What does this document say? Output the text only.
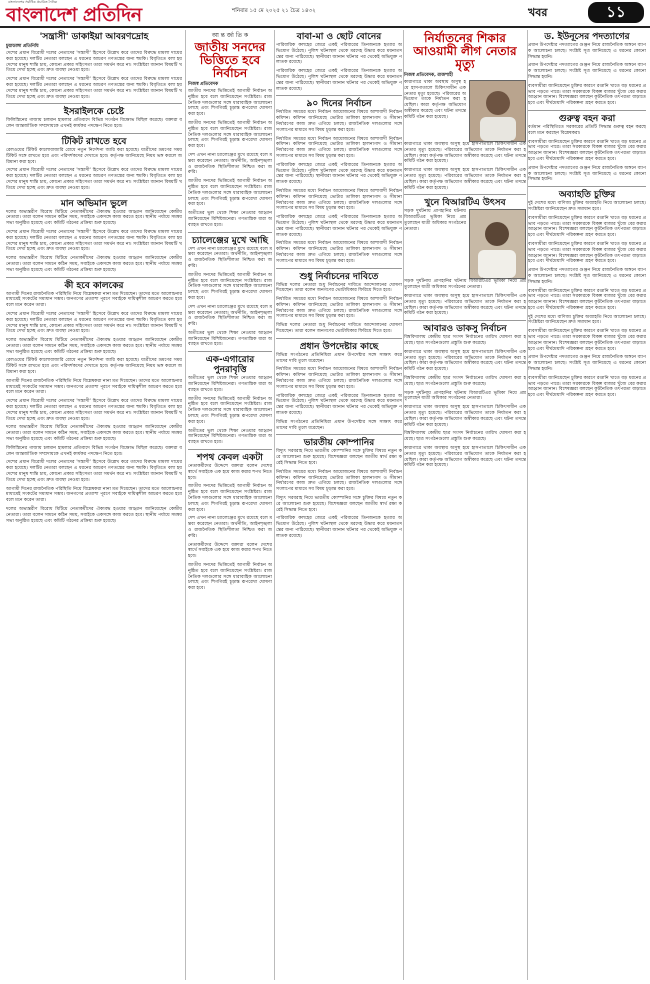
বাংলাদেশের সর্বাধিক প্রচারিত দৈনিক
বাংলাদেশ প্রতিদিন	শনিবার ১৫ মে ২০২৫ ২১ চৈত্র ১৪৩২	খবর	১১
'সন্ত্রাসী' ডাকাইয়া আবরণদ্রোহ
চুয়াডাঙ্গা প্রতিনিধি

দেশের প্রধান বিরোধী দলের নেতাদের 'সন্ত্রাসী' হিসেবে উল্লেখ করে তাদের বিরুদ্ধে মামলা দায়ের করা হয়েছে। দলটির নেতারা বলছেন এ ধরনের আচরণ গণতন্ত্রের জন্য হুমকি। বিবৃতিতে বলা হয় দেশের মানুষ শান্তি চায়, কোনো প্রকার সহিংসতা তারা সমর্থন করে না। সংশ্লিষ্টরা জানান বিষয়টি খতিয়ে দেখা হচ্ছে এবং দ্রুত ব্যবস্থা নেওয়া হবে।

দেশের প্রধান বিরোধী দলের নেতাদের 'সন্ত্রাসী' হিসেবে উল্লেখ করে তাদের বিরুদ্ধে মামলা দায়ের করা হয়েছে। দলটির নেতারা বলছেন এ ধরনের আচরণ গণতন্ত্রের জন্য হুমকি। বিবৃতিতে বলা হয় দেশের মানুষ শান্তি চায়, কোনো প্রকার সহিংসতা তারা সমর্থন করে না। সংশ্লিষ্টরা জানান বিষয়টি খতিয়ে দেখা হচ্ছে এবং দ্রুত ব্যবস্থা নেওয়া হবে।

ইসরাইলকে চেষ্টে

ফিলিস্তিনের গাজায় চলমান হামলার প্রতিবাদে বিভিন্ন সংগঠন বিক্ষোভ মিছিল করেছে। বক্তারা বলেন আন্তর্জাতিক সম্প্রদায়কে এখনই কার্যকর পদক্ষেপ নিতে হবে।

টিকিট রাখতে হবে

রেলওয়ের টিকিট কালোবাজারি রোধে নতুন নির্দেশনা জারি করা হয়েছে। যাত্রীদের ভ্রমণের সময় টিকিট সঙ্গে রাখতে হবে এবং পরিদর্শকদের দেখাতে হবে। কর্তৃপক্ষ জানিয়েছে নিয়ম ভঙ্গ করলে জরিমানা করা হবে।

দেশের প্রধান বিরোধী দলের নেতাদের 'সন্ত্রাসী' হিসেবে উল্লেখ করে তাদের বিরুদ্ধে মামলা দায়ের করা হয়েছে। দলটির নেতারা বলছেন এ ধরনের আচরণ গণতন্ত্রের জন্য হুমকি। বিবৃতিতে বলা হয় দেশের মানুষ শান্তি চায়, কোনো প্রকার সহিংসতা তারা সমর্থন করে না। সংশ্লিষ্টরা জানান বিষয়টি খতিয়ে দেখা হচ্ছে এবং দ্রুত ব্যবস্থা নেওয়া হবে।

মান অভিমান ভুলে

দলের অভ্যন্তরীণ বিরোধ মিটিয়ে নেতাকর্মীদের ঐক্যবদ্ধ হওয়ার আহ্বান জানিয়েছেন কেন্দ্রীয় নেতারা। তারা বলেন সামনে কঠিন সময়, সবাইকে একসঙ্গে কাজ করতে হবে। স্থানীয় পর্যায়ে সমন্বয় সভা অনুষ্ঠিত হয়েছে এবং কমিটি গঠনের প্রক্রিয়া শুরু হয়েছে।

দেশের প্রধান বিরোধী দলের নেতাদের 'সন্ত্রাসী' হিসেবে উল্লেখ করে তাদের বিরুদ্ধে মামলা দায়ের করা হয়েছে। দলটির নেতারা বলছেন এ ধরনের আচরণ গণতন্ত্রের জন্য হুমকি। বিবৃতিতে বলা হয় দেশের মানুষ শান্তি চায়, কোনো প্রকার সহিংসতা তারা সমর্থন করে না। সংশ্লিষ্টরা জানান বিষয়টি খতিয়ে দেখা হচ্ছে এবং দ্রুত ব্যবস্থা নেওয়া হবে।

দলের অভ্যন্তরীণ বিরোধ মিটিয়ে নেতাকর্মীদের ঐক্যবদ্ধ হওয়ার আহ্বান জানিয়েছেন কেন্দ্রীয় নেতারা। তারা বলেন সামনে কঠিন সময়, সবাইকে একসঙ্গে কাজ করতে হবে। স্থানীয় পর্যায়ে সমন্বয় সভা অনুষ্ঠিত হয়েছে এবং কমিটি গঠনের প্রক্রিয়া শুরু হয়েছে।

কী হবে কালকের

আগামী দিনের রাজনৈতিক পরিস্থিতি নিয়ে বিশ্লেষকরা নানা মত দিয়েছেন। তাদের মতে আলোচনার মাধ্যমেই সংকটের সমাধান সম্ভব। জনগণের প্রত্যাশা পূরণে সবাইকে দায়িত্বশীল আচরণ করতে হবে বলে মনে করেন তারা।

দেশের প্রধান বিরোধী দলের নেতাদের 'সন্ত্রাসী' হিসেবে উল্লেখ করে তাদের বিরুদ্ধে মামলা দায়ের করা হয়েছে। দলটির নেতারা বলছেন এ ধরনের আচরণ গণতন্ত্রের জন্য হুমকি। বিবৃতিতে বলা হয় দেশের মানুষ শান্তি চায়, কোনো প্রকার সহিংসতা তারা সমর্থন করে না। সংশ্লিষ্টরা জানান বিষয়টি খতিয়ে দেখা হচ্ছে এবং দ্রুত ব্যবস্থা নেওয়া হবে।

দলের অভ্যন্তরীণ বিরোধ মিটিয়ে নেতাকর্মীদের ঐক্যবদ্ধ হওয়ার আহ্বান জানিয়েছেন কেন্দ্রীয় নেতারা। তারা বলেন সামনে কঠিন সময়, সবাইকে একসঙ্গে কাজ করতে হবে। স্থানীয় পর্যায়ে সমন্বয় সভা অনুষ্ঠিত হয়েছে এবং কমিটি গঠনের প্রক্রিয়া শুরু হয়েছে।

রেলওয়ের টিকিট কালোবাজারি রোধে নতুন নির্দেশনা জারি করা হয়েছে। যাত্রীদের ভ্রমণের সময় টিকিট সঙ্গে রাখতে হবে এবং পরিদর্শকদের দেখাতে হবে। কর্তৃপক্ষ জানিয়েছে নিয়ম ভঙ্গ করলে জরিমানা করা হবে।

আগামী দিনের রাজনৈতিক পরিস্থিতি নিয়ে বিশ্লেষকরা নানা মত দিয়েছেন। তাদের মতে আলোচনার মাধ্যমেই সংকটের সমাধান সম্ভব। জনগণের প্রত্যাশা পূরণে সবাইকে দায়িত্বশীল আচরণ করতে হবে বলে মনে করেন তারা।

দেশের প্রধান বিরোধী দলের নেতাদের 'সন্ত্রাসী' হিসেবে উল্লেখ করে তাদের বিরুদ্ধে মামলা দায়ের করা হয়েছে। দলটির নেতারা বলছেন এ ধরনের আচরণ গণতন্ত্রের জন্য হুমকি। বিবৃতিতে বলা হয় দেশের মানুষ শান্তি চায়, কোনো প্রকার সহিংসতা তারা সমর্থন করে না। সংশ্লিষ্টরা জানান বিষয়টি খতিয়ে দেখা হচ্ছে এবং দ্রুত ব্যবস্থা নেওয়া হবে।

দলের অভ্যন্তরীণ বিরোধ মিটিয়ে নেতাকর্মীদের ঐক্যবদ্ধ হওয়ার আহ্বান জানিয়েছেন কেন্দ্রীয় নেতারা। তারা বলেন সামনে কঠিন সময়, সবাইকে একসঙ্গে কাজ করতে হবে। স্থানীয় পর্যায়ে সমন্বয় সভা অনুষ্ঠিত হয়েছে এবং কমিটি গঠনের প্রক্রিয়া শুরু হয়েছে।

ফিলিস্তিনের গাজায় চলমান হামলার প্রতিবাদে বিভিন্ন সংগঠন বিক্ষোভ মিছিল করেছে। বক্তারা বলেন আন্তর্জাতিক সম্প্রদায়কে এখনই কার্যকর পদক্ষেপ নিতে হবে।

দেশের প্রধান বিরোধী দলের নেতাদের 'সন্ত্রাসী' হিসেবে উল্লেখ করে তাদের বিরুদ্ধে মামলা দায়ের করা হয়েছে। দলটির নেতারা বলছেন এ ধরনের আচরণ গণতন্ত্রের জন্য হুমকি। বিবৃতিতে বলা হয় দেশের মানুষ শান্তি চায়, কোনো প্রকার সহিংসতা তারা সমর্থন করে না। সংশ্লিষ্টরা জানান বিষয়টি খতিয়ে দেখা হচ্ছে এবং দ্রুত ব্যবস্থা নেওয়া হবে।

আগামী দিনের রাজনৈতিক পরিস্থিতি নিয়ে বিশ্লেষকরা নানা মত দিয়েছেন। তাদের মতে আলোচনার মাধ্যমেই সংকটের সমাধান সম্ভব। জনগণের প্রত্যাশা পূরণে সবাইকে দায়িত্বশীল আচরণ করতে হবে বলে মনে করেন তারা।

দলের অভ্যন্তরীণ বিরোধ মিটিয়ে নেতাকর্মীদের ঐক্যবদ্ধ হওয়ার আহ্বান জানিয়েছেন কেন্দ্রীয় নেতারা। তারা বলেন সামনে কঠিন সময়, সবাইকে একসঙ্গে কাজ করতে হবে। স্থানীয় পর্যায়ে সমন্বয় সভা অনুষ্ঠিত হয়েছে এবং কমিটি গঠনের প্রক্রিয়া শুরু হয়েছে।

আ ন্ত র্জা তি ক
জাতীয় সনদের ভিত্তিতে হবে নির্বাচন
নিজস্ব প্রতিবেদক

জাতীয় সনদের ভিত্তিতেই আগামী নির্বাচন অনুষ্ঠিত হবে বলে জানিয়েছেন সংশ্লিষ্টরা। রাজনৈতিক দলগুলোর সঙ্গে ধারাবাহিক আলোচনা চলছে এবং শিগগিরই চূড়ান্ত রূপরেখা ঘোষণা করা হবে।

জাতীয় সনদের ভিত্তিতেই আগামী নির্বাচন অনুষ্ঠিত হবে বলে জানিয়েছেন সংশ্লিষ্টরা। রাজনৈতিক দলগুলোর সঙ্গে ধারাবাহিক আলোচনা চলছে এবং শিগগিরই চূড়ান্ত রূপরেখা ঘোষণা করা হবে।

দেশ এখন নানা চ্যালেঞ্জের মুখে রয়েছে বলে মন্তব্য করেছেন নেতারা। অর্থনীতি, আইনশৃঙ্খলা ও রাজনৈতিক স্থিতিশীলতা নিশ্চিত করা জরুরি।

জাতীয় সনদের ভিত্তিতেই আগামী নির্বাচন অনুষ্ঠিত হবে বলে জানিয়েছেন সংশ্লিষ্টরা। রাজনৈতিক দলগুলোর সঙ্গে ধারাবাহিক আলোচনা চলছে এবং শিগগিরই চূড়ান্ত রূপরেখা ঘোষণা করা হবে।

অতীতের ভুল থেকে শিক্ষা নেওয়ার আহ্বান জানিয়েছেন বিশিষ্টজনেরা। গণতান্ত্রিক ধারা অব্যাহত রাখতে হবে।

চ্যালেঞ্জের মুখে আছি

দেশ এখন নানা চ্যালেঞ্জের মুখে রয়েছে বলে মন্তব্য করেছেন নেতারা। অর্থনীতি, আইনশৃঙ্খলা ও রাজনৈতিক স্থিতিশীলতা নিশ্চিত করা জরুরি।

জাতীয় সনদের ভিত্তিতেই আগামী নির্বাচন অনুষ্ঠিত হবে বলে জানিয়েছেন সংশ্লিষ্টরা। রাজনৈতিক দলগুলোর সঙ্গে ধারাবাহিক আলোচনা চলছে এবং শিগগিরই চূড়ান্ত রূপরেখা ঘোষণা করা হবে।

দেশ এখন নানা চ্যালেঞ্জের মুখে রয়েছে বলে মন্তব্য করেছেন নেতারা। অর্থনীতি, আইনশৃঙ্খলা ও রাজনৈতিক স্থিতিশীলতা নিশ্চিত করা জরুরি।

অতীতের ভুল থেকে শিক্ষা নেওয়ার আহ্বান জানিয়েছেন বিশিষ্টজনেরা। গণতান্ত্রিক ধারা অব্যাহত রাখতে হবে।

এক-এগারোর পুনরাবৃত্তি

অতীতের ভুল থেকে শিক্ষা নেওয়ার আহ্বান জানিয়েছেন বিশিষ্টজনেরা। গণতান্ত্রিক ধারা অব্যাহত রাখতে হবে।

জাতীয় সনদের ভিত্তিতেই আগামী নির্বাচন অনুষ্ঠিত হবে বলে জানিয়েছেন সংশ্লিষ্টরা। রাজনৈতিক দলগুলোর সঙ্গে ধারাবাহিক আলোচনা চলছে এবং শিগগিরই চূড়ান্ত রূপরেখা ঘোষণা করা হবে।

অতীতের ভুল থেকে শিক্ষা নেওয়ার আহ্বান জানিয়েছেন বিশিষ্টজনেরা। গণতান্ত্রিক ধারা অব্যাহত রাখতে হবে।

শপথ কেবল একটা

নেতাকর্মীদের উদ্দেশে বক্তারা বলেন দেশের স্বার্থে সবাইকে এক হয়ে কাজ করার শপথ নিতে হবে।

জাতীয় সনদের ভিত্তিতেই আগামী নির্বাচন অনুষ্ঠিত হবে বলে জানিয়েছেন সংশ্লিষ্টরা। রাজনৈতিক দলগুলোর সঙ্গে ধারাবাহিক আলোচনা চলছে এবং শিগগিরই চূড়ান্ত রূপরেখা ঘোষণা করা হবে।

দেশ এখন নানা চ্যালেঞ্জের মুখে রয়েছে বলে মন্তব্য করেছেন নেতারা। অর্থনীতি, আইনশৃঙ্খলা ও রাজনৈতিক স্থিতিশীলতা নিশ্চিত করা জরুরি।

নেতাকর্মীদের উদ্দেশে বক্তারা বলেন দেশের স্বার্থে সবাইকে এক হয়ে কাজ করার শপথ নিতে হবে।

জাতীয় সনদের ভিত্তিতেই আগামী নির্বাচন অনুষ্ঠিত হবে বলে জানিয়েছেন সংশ্লিষ্টরা। রাজনৈতিক দলগুলোর সঙ্গে ধারাবাহিক আলোচনা চলছে এবং শিগগিরই চূড়ান্ত রূপরেখা ঘোষণা করা হবে।

বাবা-মা ও ছোট বোনের

পারিবারিক কলহের জেরে একই পরিবারের তিনজনকে হত্যার অভিযোগ উঠেছে। পুলিশ ঘটনাস্থল থেকে মরদেহ উদ্ধার করে ময়নাতদন্তের জন্য পাঠিয়েছে। স্থানীয়রা জানান ঘটনার পর থেকেই অভিযুক্ত পলাতক রয়েছে।

পারিবারিক কলহের জেরে একই পরিবারের তিনজনকে হত্যার অভিযোগ উঠেছে। পুলিশ ঘটনাস্থল থেকে মরদেহ উদ্ধার করে ময়নাতদন্তের জন্য পাঠিয়েছে। স্থানীয়রা জানান ঘটনার পর থেকেই অভিযুক্ত পলাতক রয়েছে।

৯০ দিনের নির্বাচন

নির্ধারিত সময়ের মধ্যে নির্বাচন আয়োজনের বিষয়ে আশাবাদী নির্বাচন কমিশন। কমিশন জানিয়েছে ভোটার তালিকা হালনাগাদ ও সীমানা নির্ধারণের কাজ দ্রুত এগিয়ে চলছে। রাজনৈতিক দলগুলোর সঙ্গে সংলাপের মাধ্যমে সব বিষয় চূড়ান্ত করা হবে।

নির্ধারিত সময়ের মধ্যে নির্বাচন আয়োজনের বিষয়ে আশাবাদী নির্বাচন কমিশন। কমিশন জানিয়েছে ভোটার তালিকা হালনাগাদ ও সীমানা নির্ধারণের কাজ দ্রুত এগিয়ে চলছে। রাজনৈতিক দলগুলোর সঙ্গে সংলাপের মাধ্যমে সব বিষয় চূড়ান্ত করা হবে।

পারিবারিক কলহের জেরে একই পরিবারের তিনজনকে হত্যার অভিযোগ উঠেছে। পুলিশ ঘটনাস্থল থেকে মরদেহ উদ্ধার করে ময়নাতদন্তের জন্য পাঠিয়েছে। স্থানীয়রা জানান ঘটনার পর থেকেই অভিযুক্ত পলাতক রয়েছে।

নির্ধারিত সময়ের মধ্যে নির্বাচন আয়োজনের বিষয়ে আশাবাদী নির্বাচন কমিশন। কমিশন জানিয়েছে ভোটার তালিকা হালনাগাদ ও সীমানা নির্ধারণের কাজ দ্রুত এগিয়ে চলছে। রাজনৈতিক দলগুলোর সঙ্গে সংলাপের মাধ্যমে সব বিষয় চূড়ান্ত করা হবে।

পারিবারিক কলহের জেরে একই পরিবারের তিনজনকে হত্যার অভিযোগ উঠেছে। পুলিশ ঘটনাস্থল থেকে মরদেহ উদ্ধার করে ময়নাতদন্তের জন্য পাঠিয়েছে। স্থানীয়রা জানান ঘটনার পর থেকেই অভিযুক্ত পলাতক রয়েছে।

নির্ধারিত সময়ের মধ্যে নির্বাচন আয়োজনের বিষয়ে আশাবাদী নির্বাচন কমিশন। কমিশন জানিয়েছে ভোটার তালিকা হালনাগাদ ও সীমানা নির্ধারণের কাজ দ্রুত এগিয়ে চলছে। রাজনৈতিক দলগুলোর সঙ্গে সংলাপের মাধ্যমে সব বিষয় চূড়ান্ত করা হবে।

শুধু নির্বাচনের দাবিতে

বিভিন্ন দলের নেতারা শুধু নির্বাচনের দাবিতে আন্দোলনের ঘোষণা দিয়েছেন। তারা বলেন জনগণের ভোটাধিকার ফিরিয়ে দিতে হবে।

নির্ধারিত সময়ের মধ্যে নির্বাচন আয়োজনের বিষয়ে আশাবাদী নির্বাচন কমিশন। কমিশন জানিয়েছে ভোটার তালিকা হালনাগাদ ও সীমানা নির্ধারণের কাজ দ্রুত এগিয়ে চলছে। রাজনৈতিক দলগুলোর সঙ্গে সংলাপের মাধ্যমে সব বিষয় চূড়ান্ত করা হবে।

বিভিন্ন দলের নেতারা শুধু নির্বাচনের দাবিতে আন্দোলনের ঘোষণা দিয়েছেন। তারা বলেন জনগণের ভোটাধিকার ফিরিয়ে দিতে হবে।

প্রধান উপদেষ্টার কাছে

বিভিন্ন সংগঠনের প্রতিনিধিরা প্রধান উপদেষ্টার সঙ্গে সাক্ষাৎ করে তাদের দাবি তুলে ধরেছেন।

নির্ধারিত সময়ের মধ্যে নির্বাচন আয়োজনের বিষয়ে আশাবাদী নির্বাচন কমিশন। কমিশন জানিয়েছে ভোটার তালিকা হালনাগাদ ও সীমানা নির্ধারণের কাজ দ্রুত এগিয়ে চলছে। রাজনৈতিক দলগুলোর সঙ্গে সংলাপের মাধ্যমে সব বিষয় চূড়ান্ত করা হবে।

পারিবারিক কলহের জেরে একই পরিবারের তিনজনকে হত্যার অভিযোগ উঠেছে। পুলিশ ঘটনাস্থল থেকে মরদেহ উদ্ধার করে ময়নাতদন্তের জন্য পাঠিয়েছে। স্থানীয়রা জানান ঘটনার পর থেকেই অভিযুক্ত পলাতক রয়েছে।

বিভিন্ন সংগঠনের প্রতিনিধিরা প্রধান উপদেষ্টার সঙ্গে সাক্ষাৎ করে তাদের দাবি তুলে ধরেছেন।

ভারতীয় কোম্পানির

বিদ্যুৎ সরবরাহ নিয়ে ভারতীয় কোম্পানির সঙ্গে চুক্তির বিষয়ে নতুন করে আলোচনা শুরু হয়েছে। বিশেষজ্ঞরা বলছেন জাতীয় স্বার্থ রক্ষা করেই সিদ্ধান্ত নিতে হবে।

নির্ধারিত সময়ের মধ্যে নির্বাচন আয়োজনের বিষয়ে আশাবাদী নির্বাচন কমিশন। কমিশন জানিয়েছে ভোটার তালিকা হালনাগাদ ও সীমানা নির্ধারণের কাজ দ্রুত এগিয়ে চলছে। রাজনৈতিক দলগুলোর সঙ্গে সংলাপের মাধ্যমে সব বিষয় চূড়ান্ত করা হবে।

বিদ্যুৎ সরবরাহ নিয়ে ভারতীয় কোম্পানির সঙ্গে চুক্তির বিষয়ে নতুন করে আলোচনা শুরু হয়েছে। বিশেষজ্ঞরা বলছেন জাতীয় স্বার্থ রক্ষা করেই সিদ্ধান্ত নিতে হবে।

পারিবারিক কলহের জেরে একই পরিবারের তিনজনকে হত্যার অভিযোগ উঠেছে। পুলিশ ঘটনাস্থল থেকে মরদেহ উদ্ধার করে ময়নাতদন্তের জন্য পাঠিয়েছে। স্থানীয়রা জানান ঘটনার পর থেকেই অভিযুক্ত পলাতক রয়েছে।

নির্যাতনের শিকার আওয়ামী লীগ নেতার মৃত্যু
নিজস্ব প্রতিবেদক, রাজশাহী

কারাগারে থাকা অবস্থায় অসুস্থ হয়ে হাসপাতালে চিকিৎসাধীন এক নেতার মৃত্যু হয়েছে। পরিবারের অভিযোগ তাকে নির্যাতন করা হয়েছিল। কারা কর্তৃপক্ষ অভিযোগ অস্বীকার করেছে এবং ঘটনা তদন্তে কমিটি গঠন করা হয়েছে।

কারাগারে থাকা অবস্থায় অসুস্থ হয়ে হাসপাতালে চিকিৎসাধীন এক নেতার মৃত্যু হয়েছে। পরিবারের অভিযোগ তাকে নির্যাতন করা হয়েছিল। কারা কর্তৃপক্ষ অভিযোগ অস্বীকার করেছে এবং ঘটনা তদন্তে কমিটি গঠন করা হয়েছে।

কারাগারে থাকা অবস্থায় অসুস্থ হয়ে হাসপাতালে চিকিৎসাধীন এক নেতার মৃত্যু হয়েছে। পরিবারের অভিযোগ তাকে নির্যাতন করা হয়েছিল। কারা কর্তৃপক্ষ অভিযোগ অস্বীকার করেছে এবং ঘটনা তদন্তে কমিটি গঠন করা হয়েছে।

খুনে বিআরটিএ উৎসব

সড়ক দুর্ঘটনায় প্রাণহানির ঘটনায় বিআরটিএর ভূমিকা নিয়ে প্রশ্ন তুলেছেন যাত্রী অধিকার সংগঠনের নেতারা।

সড়ক দুর্ঘটনায় প্রাণহানির ঘটনায় বিআরটিএর ভূমিকা নিয়ে প্রশ্ন তুলেছেন যাত্রী অধিকার সংগঠনের নেতারা।

কারাগারে থাকা অবস্থায় অসুস্থ হয়ে হাসপাতালে চিকিৎসাধীন এক নেতার মৃত্যু হয়েছে। পরিবারের অভিযোগ তাকে নির্যাতন করা হয়েছিল। কারা কর্তৃপক্ষ অভিযোগ অস্বীকার করেছে এবং ঘটনা তদন্তে কমিটি গঠন করা হয়েছে।

আবারও ডাকসু নির্বাচন

বিশ্ববিদ্যালয় কেন্দ্রীয় ছাত্র সংসদ নির্বাচনের তারিখ ঘোষণা করা হয়েছে। ছাত্র সংগঠনগুলো প্রস্তুতি শুরু করেছে।

কারাগারে থাকা অবস্থায় অসুস্থ হয়ে হাসপাতালে চিকিৎসাধীন এক নেতার মৃত্যু হয়েছে। পরিবারের অভিযোগ তাকে নির্যাতন করা হয়েছিল। কারা কর্তৃপক্ষ অভিযোগ অস্বীকার করেছে এবং ঘটনা তদন্তে কমিটি গঠন করা হয়েছে।

বিশ্ববিদ্যালয় কেন্দ্রীয় ছাত্র সংসদ নির্বাচনের তারিখ ঘোষণা করা হয়েছে। ছাত্র সংগঠনগুলো প্রস্তুতি শুরু করেছে।

সড়ক দুর্ঘটনায় প্রাণহানির ঘটনায় বিআরটিএর ভূমিকা নিয়ে প্রশ্ন তুলেছেন যাত্রী অধিকার সংগঠনের নেতারা।

কারাগারে থাকা অবস্থায় অসুস্থ হয়ে হাসপাতালে চিকিৎসাধীন এক নেতার মৃত্যু হয়েছে। পরিবারের অভিযোগ তাকে নির্যাতন করা হয়েছিল। কারা কর্তৃপক্ষ অভিযোগ অস্বীকার করেছে এবং ঘটনা তদন্তে কমিটি গঠন করা হয়েছে।

বিশ্ববিদ্যালয় কেন্দ্রীয় ছাত্র সংসদ নির্বাচনের তারিখ ঘোষণা করা হয়েছে। ছাত্র সংগঠনগুলো প্রস্তুতি শুরু করেছে।

কারাগারে থাকা অবস্থায় অসুস্থ হয়ে হাসপাতালে চিকিৎসাধীন এক নেতার মৃত্যু হয়েছে। পরিবারের অভিযোগ তাকে নির্যাতন করা হয়েছিল। কারা কর্তৃপক্ষ অভিযোগ অস্বীকার করেছে এবং ঘটনা তদন্তে কমিটি গঠন করা হয়েছে।

ড. ইউনূসের পদত্যাগের

প্রধান উপদেষ্টার পদত্যাগের গুঞ্জন নিয়ে রাজনৈতিক অঙ্গনে ব্যাপক আলোচনা চলছে। সংশ্লিষ্ট সূত্র জানিয়েছে এ ধরনের কোনো সিদ্ধান্ত হয়নি।

প্রধান উপদেষ্টার পদত্যাগের গুঞ্জন নিয়ে রাজনৈতিক অঙ্গনে ব্যাপক আলোচনা চলছে। সংশ্লিষ্ট সূত্র জানিয়েছে এ ধরনের কোনো সিদ্ধান্ত হয়নি।

ব্যবসায়ীরা জানিয়েছেন চুক্তির কারণে রপ্তানি খাতে বড় ধরনের প্রভাব পড়তে পারে। তারা সরকারকে বিকল্প বাজার খুঁজে বের করার আহ্বান জানান। বিশেষজ্ঞরা বলছেন কূটনৈতিক তৎপরতা বাড়াতে হবে এবং দীর্ঘমেয়াদি পরিকল্পনা গ্রহণ করতে হবে।

গুরুত্ব বহন করা

বর্তমান পরিস্থিতিতে সরকারের প্রতিটি সিদ্ধান্ত গুরুত্ব বহন করছে বলে মনে করছেন বিশ্লেষকরা।

ব্যবসায়ীরা জানিয়েছেন চুক্তির কারণে রপ্তানি খাতে বড় ধরনের প্রভাব পড়তে পারে। তারা সরকারকে বিকল্প বাজার খুঁজে বের করার আহ্বান জানান। বিশেষজ্ঞরা বলছেন কূটনৈতিক তৎপরতা বাড়াতে হবে এবং দীর্ঘমেয়াদি পরিকল্পনা গ্রহণ করতে হবে।

প্রধান উপদেষ্টার পদত্যাগের গুঞ্জন নিয়ে রাজনৈতিক অঙ্গনে ব্যাপক আলোচনা চলছে। সংশ্লিষ্ট সূত্র জানিয়েছে এ ধরনের কোনো সিদ্ধান্ত হয়নি।

অব্যাহতি চুক্তির

দুই দেশের মধ্যে বাণিজ্য চুক্তির অব্যাহতি নিয়ে আলোচনা চলছে। সংশ্লিষ্টরা জানিয়েছেন দ্রুত সমাধান হবে।

ব্যবসায়ীরা জানিয়েছেন চুক্তির কারণে রপ্তানি খাতে বড় ধরনের প্রভাব পড়তে পারে। তারা সরকারকে বিকল্প বাজার খুঁজে বের করার আহ্বান জানান। বিশেষজ্ঞরা বলছেন কূটনৈতিক তৎপরতা বাড়াতে হবে এবং দীর্ঘমেয়াদি পরিকল্পনা গ্রহণ করতে হবে।

ব্যবসায়ীরা জানিয়েছেন চুক্তির কারণে রপ্তানি খাতে বড় ধরনের প্রভাব পড়তে পারে। তারা সরকারকে বিকল্প বাজার খুঁজে বের করার আহ্বান জানান। বিশেষজ্ঞরা বলছেন কূটনৈতিক তৎপরতা বাড়াতে হবে এবং দীর্ঘমেয়াদি পরিকল্পনা গ্রহণ করতে হবে।

প্রধান উপদেষ্টার পদত্যাগের গুঞ্জন নিয়ে রাজনৈতিক অঙ্গনে ব্যাপক আলোচনা চলছে। সংশ্লিষ্ট সূত্র জানিয়েছে এ ধরনের কোনো সিদ্ধান্ত হয়নি।

ব্যবসায়ীরা জানিয়েছেন চুক্তির কারণে রপ্তানি খাতে বড় ধরনের প্রভাব পড়তে পারে। তারা সরকারকে বিকল্প বাজার খুঁজে বের করার আহ্বান জানান। বিশেষজ্ঞরা বলছেন কূটনৈতিক তৎপরতা বাড়াতে হবে এবং দীর্ঘমেয়াদি পরিকল্পনা গ্রহণ করতে হবে।

দুই দেশের মধ্যে বাণিজ্য চুক্তির অব্যাহতি নিয়ে আলোচনা চলছে। সংশ্লিষ্টরা জানিয়েছেন দ্রুত সমাধান হবে।

ব্যবসায়ীরা জানিয়েছেন চুক্তির কারণে রপ্তানি খাতে বড় ধরনের প্রভাব পড়তে পারে। তারা সরকারকে বিকল্প বাজার খুঁজে বের করার আহ্বান জানান। বিশেষজ্ঞরা বলছেন কূটনৈতিক তৎপরতা বাড়াতে হবে এবং দীর্ঘমেয়াদি পরিকল্পনা গ্রহণ করতে হবে।

প্রধান উপদেষ্টার পদত্যাগের গুঞ্জন নিয়ে রাজনৈতিক অঙ্গনে ব্যাপক আলোচনা চলছে। সংশ্লিষ্ট সূত্র জানিয়েছে এ ধরনের কোনো সিদ্ধান্ত হয়নি।

ব্যবসায়ীরা জানিয়েছেন চুক্তির কারণে রপ্তানি খাতে বড় ধরনের প্রভাব পড়তে পারে। তারা সরকারকে বিকল্প বাজার খুঁজে বের করার আহ্বান জানান। বিশেষজ্ঞরা বলছেন কূটনৈতিক তৎপরতা বাড়াতে হবে এবং দীর্ঘমেয়াদি পরিকল্পনা গ্রহণ করতে হবে।
